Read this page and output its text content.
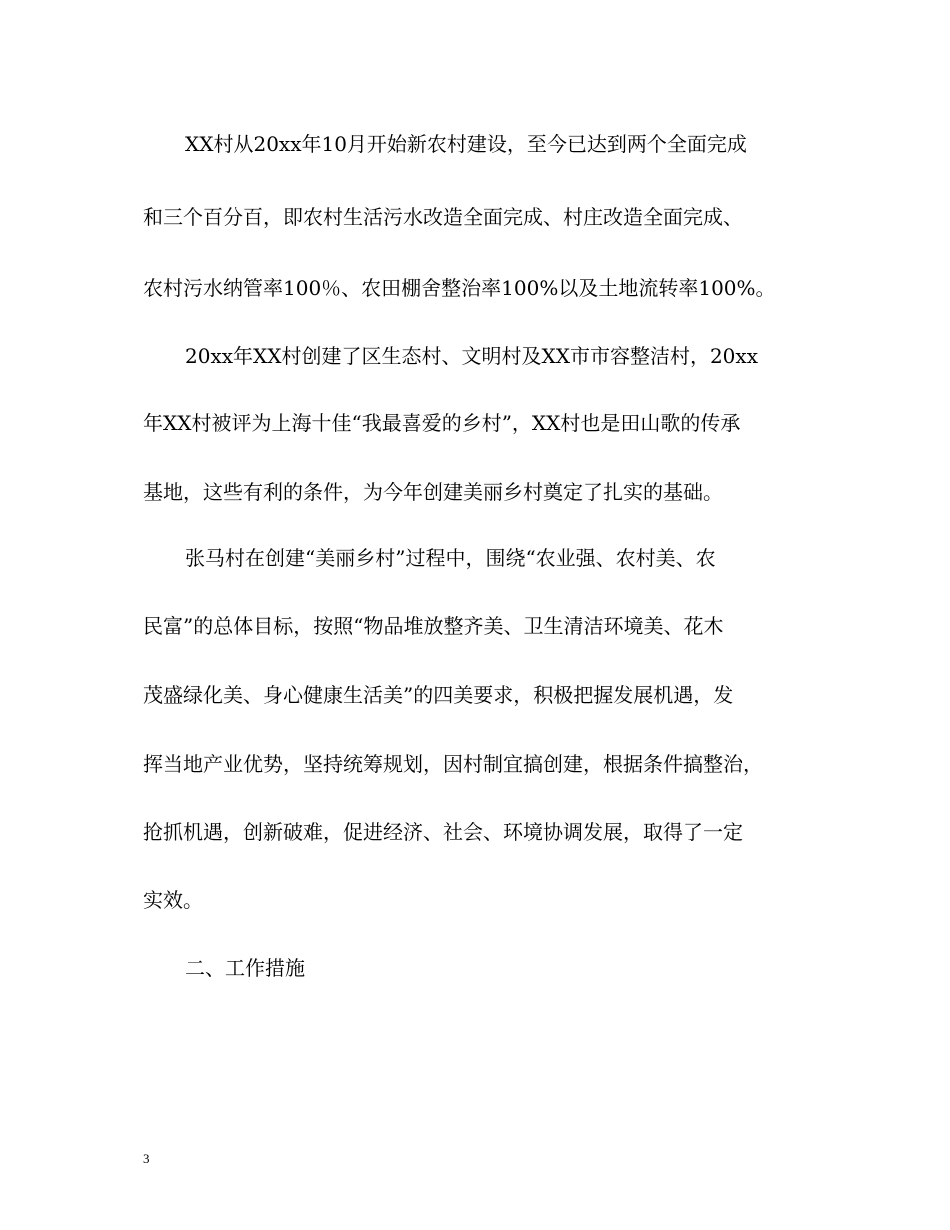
XX村从20xx年10月开始新农村建设，至今已达到两个全面完成
和三个百分百，即农村生活污水改造全面完成、村庄改造全面完成、
农村污水纳管率100％、农田棚舍整治率100%以及土地流转率100%。
20xx年XX村创建了区生态村、文明村及XX市市容整洁村，20xx
年XX村被评为上海十佳“我最喜爱的乡村”，XX村也是田山歌的传承
基地，这些有利的条件，为今年创建美丽乡村奠定了扎实的基础。
张马村在创建“美丽乡村”过程中，围绕“农业强、农村美、农
民富”的总体目标，按照“物品堆放整齐美、卫生清洁环境美、花木
茂盛绿化美、身心健康生活美”的四美要求，积极把握发展机遇，发
挥当地产业优势，坚持统筹规划，因村制宜搞创建，根据条件搞整治，
抢抓机遇，创新破难，促进经济、社会、环境协调发展，取得了一定
实效。
二、工作措施
3
